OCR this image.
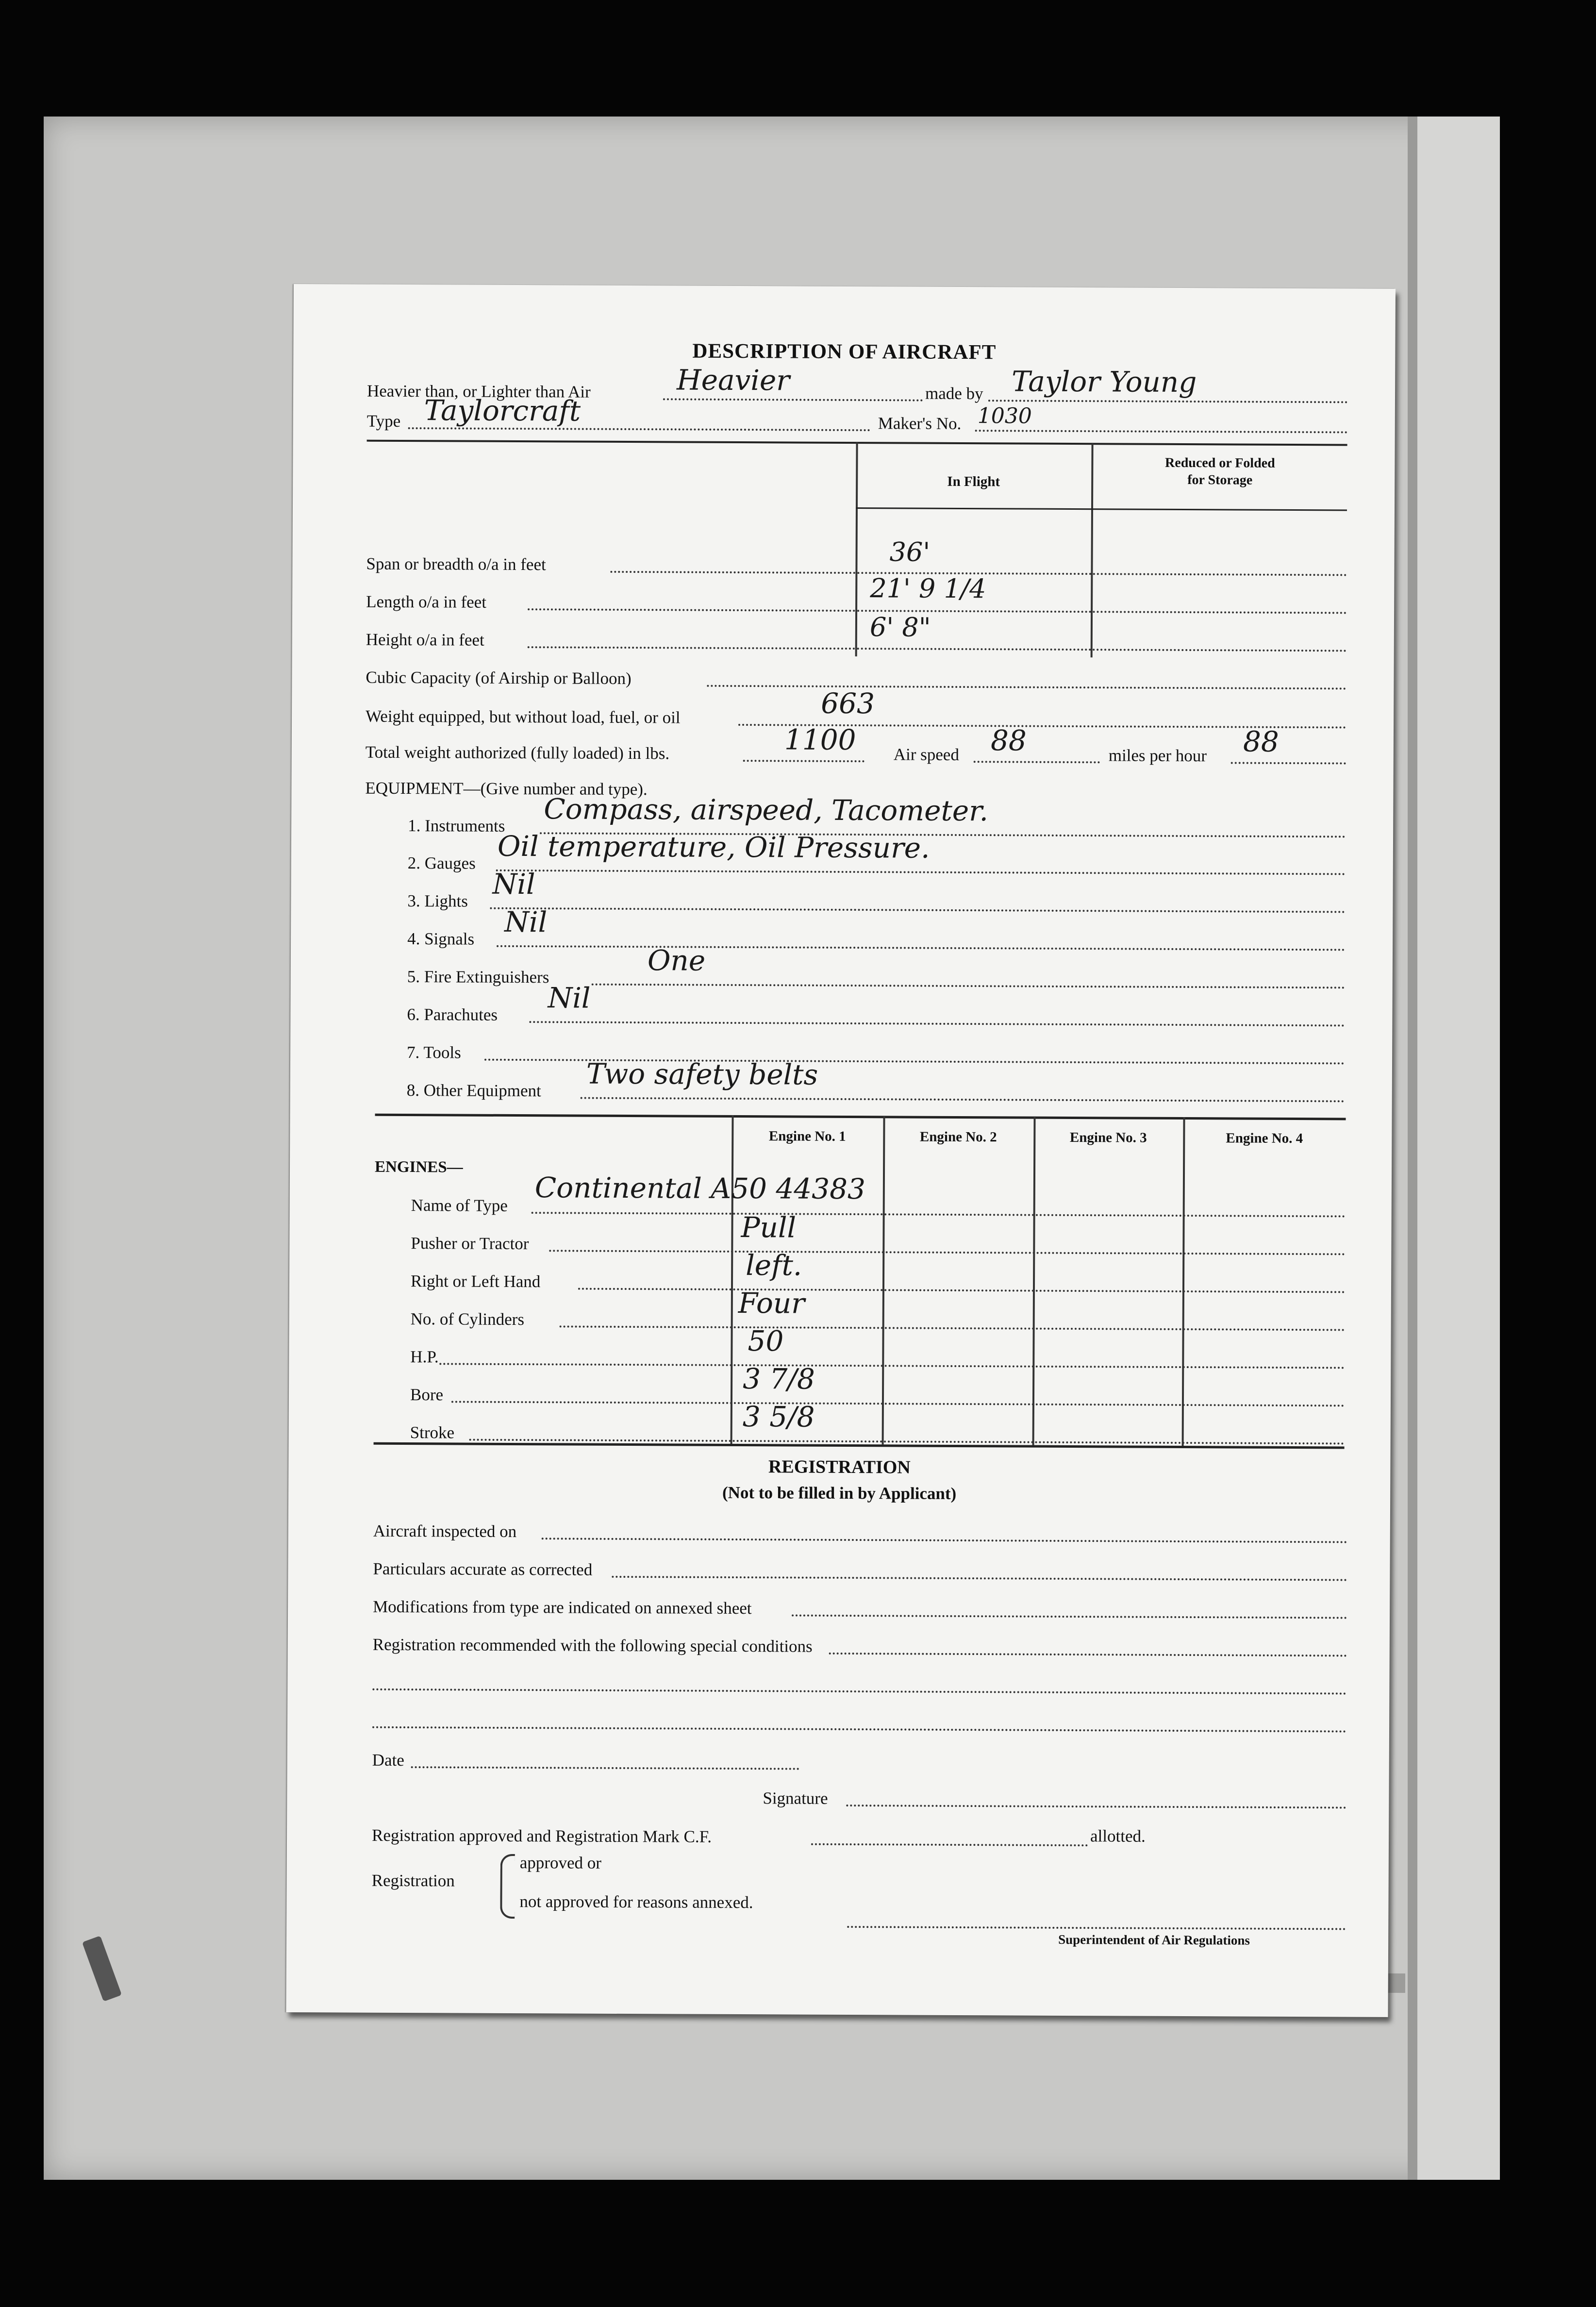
DESCRIPTION OF AIRCRAFT
Heavier than, or Lighter than Air	Heavier	made by Taylor Young
Type Taylorcraft	Maker's No. 1030
In Flight
Reduced or Folded
for Storage
Span or breadth o/a in feet	36'
Length o/a in feet	21' 9 1/4
Height o/a in feet	6' 8"
Cubic Capacity (of Airship or Balloon)
Weight equipped, but without load, fuel, or oil	663
Total weight authorized (fully loaded) in lbs.	1100 Air speed 88	miles per hour 88
EQUIPMENT—(Give number and type).
1. Instruments Compass, airspeed, Tacometer.
2. Gauges Oil temperature, Oil Pressure.
3. Lights
Nil
4. Signals
Nil
5. Fire Extinguishers	One
6. Parachutes
Nil
7. Tools
8. Other Equipment Two safety belts
Engine No. 1	Engine No. 2	Engine No. 3	Engine No. 4
ENGINES—
Name of Type Continental A50 44383
Pusher or Tractor	Pull
Right or Left Hand	left.
No. of Cylinders	Four
H.P.	50
Bore	3 7/8
Stroke	3 5/8
REGISTRATION
(Not to be filled in by Applicant)
Aircraft inspected on
Particulars accurate as corrected
Modifications from type are indicated on annexed sheet
Registration recommended with the following special conditions
Date
Signature
Registration approved and Registration Mark C.F.	allotted.
Registration
approved or
not approved for reasons annexed.
Superintendent of Air Regulations
